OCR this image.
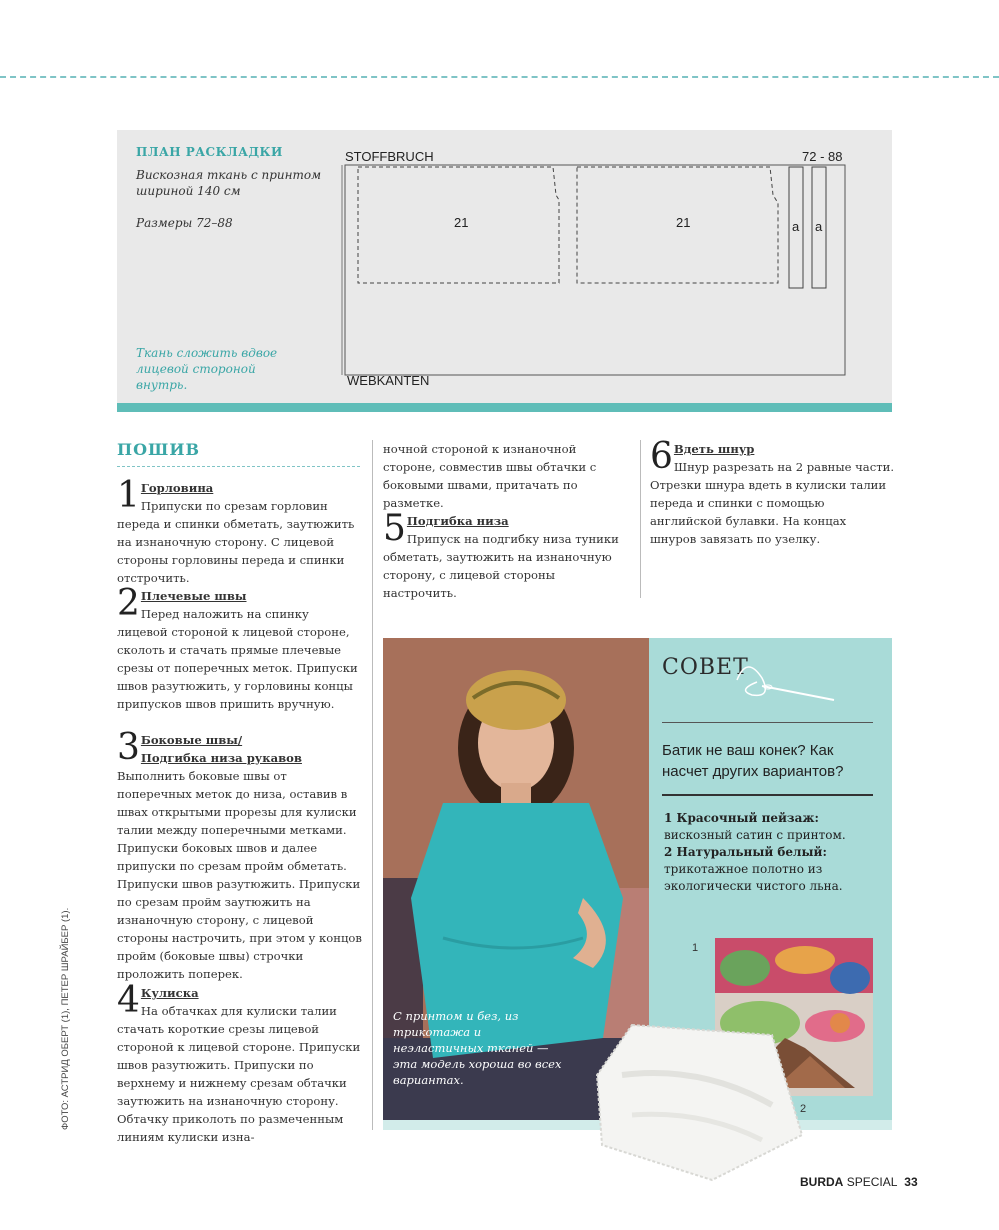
ПЛАН РАСКЛАДКИ
Вискозная ткань с принтом шириной 140 см
Размеры 72–88
Ткань сложить вдвое лицевой стороной внутрь.
STOFFBRUCH	72 - 88
21	21	a a
WEBKANTEN
ПОШИВ
1 Горловина
Припуски по срезам горловин переда и спинки обметать, заутюжить на изнаночную сторону. С лицевой стороны горловины переда и спинки отстрочить.
2 Плечевые швы
Перед наложить на спинку лицевой стороной к лицевой стороне, сколоть и стачать прямые плечевые срезы от поперечных меток. Припуски швов разутюжить, у горловины концы припусков швов пришить вручную.
3 Боковые швы/
Подгибка низа рукавов
Выполнить боковые швы от поперечных меток до низа, оставив в швах открытыми прорезы для кулиски талии между поперечными метками. Припуски боковых швов и далее припуски по срезам пройм обметать. Припуски швов разутюжить. Припуски по срезам пройм заутюжить на изнаночную сторону, с лицевой стороны настрочить, при этом у концов пройм (боковые швы) строчки проложить поперек.
4 Кулиска
На обтачках для кулиски талии стачать короткие срезы лицевой стороной к лицевой стороне. Припуски швов разутюжить. Припуски по верхнему и нижнему срезам обтачки заутюжить на изнаночную сторону. Обтачку приколоть по размеченным линиям кулиски изна-
ночной стороной к изнаночной стороне, совместив швы обтачки с боковыми швами, притачать по разметке.
5 Подгибка низа
Припуск на подгибку низа туники обметать, заутюжить на изнаночную сторону, с лицевой стороны настрочить.
6 Вдеть шнур
Шнур разрезать на 2 равные части. Отрезки шнура вдеть в кулиски талии переда и спинки с помощью английской булавки. На концах шнуров завязать по узелку.
С принтом и без, из трикотажа и неэластичных тканей — эта модель хороша во всех вариантах.
СОВЕТ
Батик не ваш конек? Как насчет других вариантов?
1 Красочный пейзаж:
вискозный сатин с принтом.
2 Натуральный белый:
трикотажное полотно из экологически чистого льна.
1
2
ФОТО: АСТРИД ОБЕРТ (1), ПЕТЕР ШРАЙБЕР (1).
BURDA SPECIAL 33
